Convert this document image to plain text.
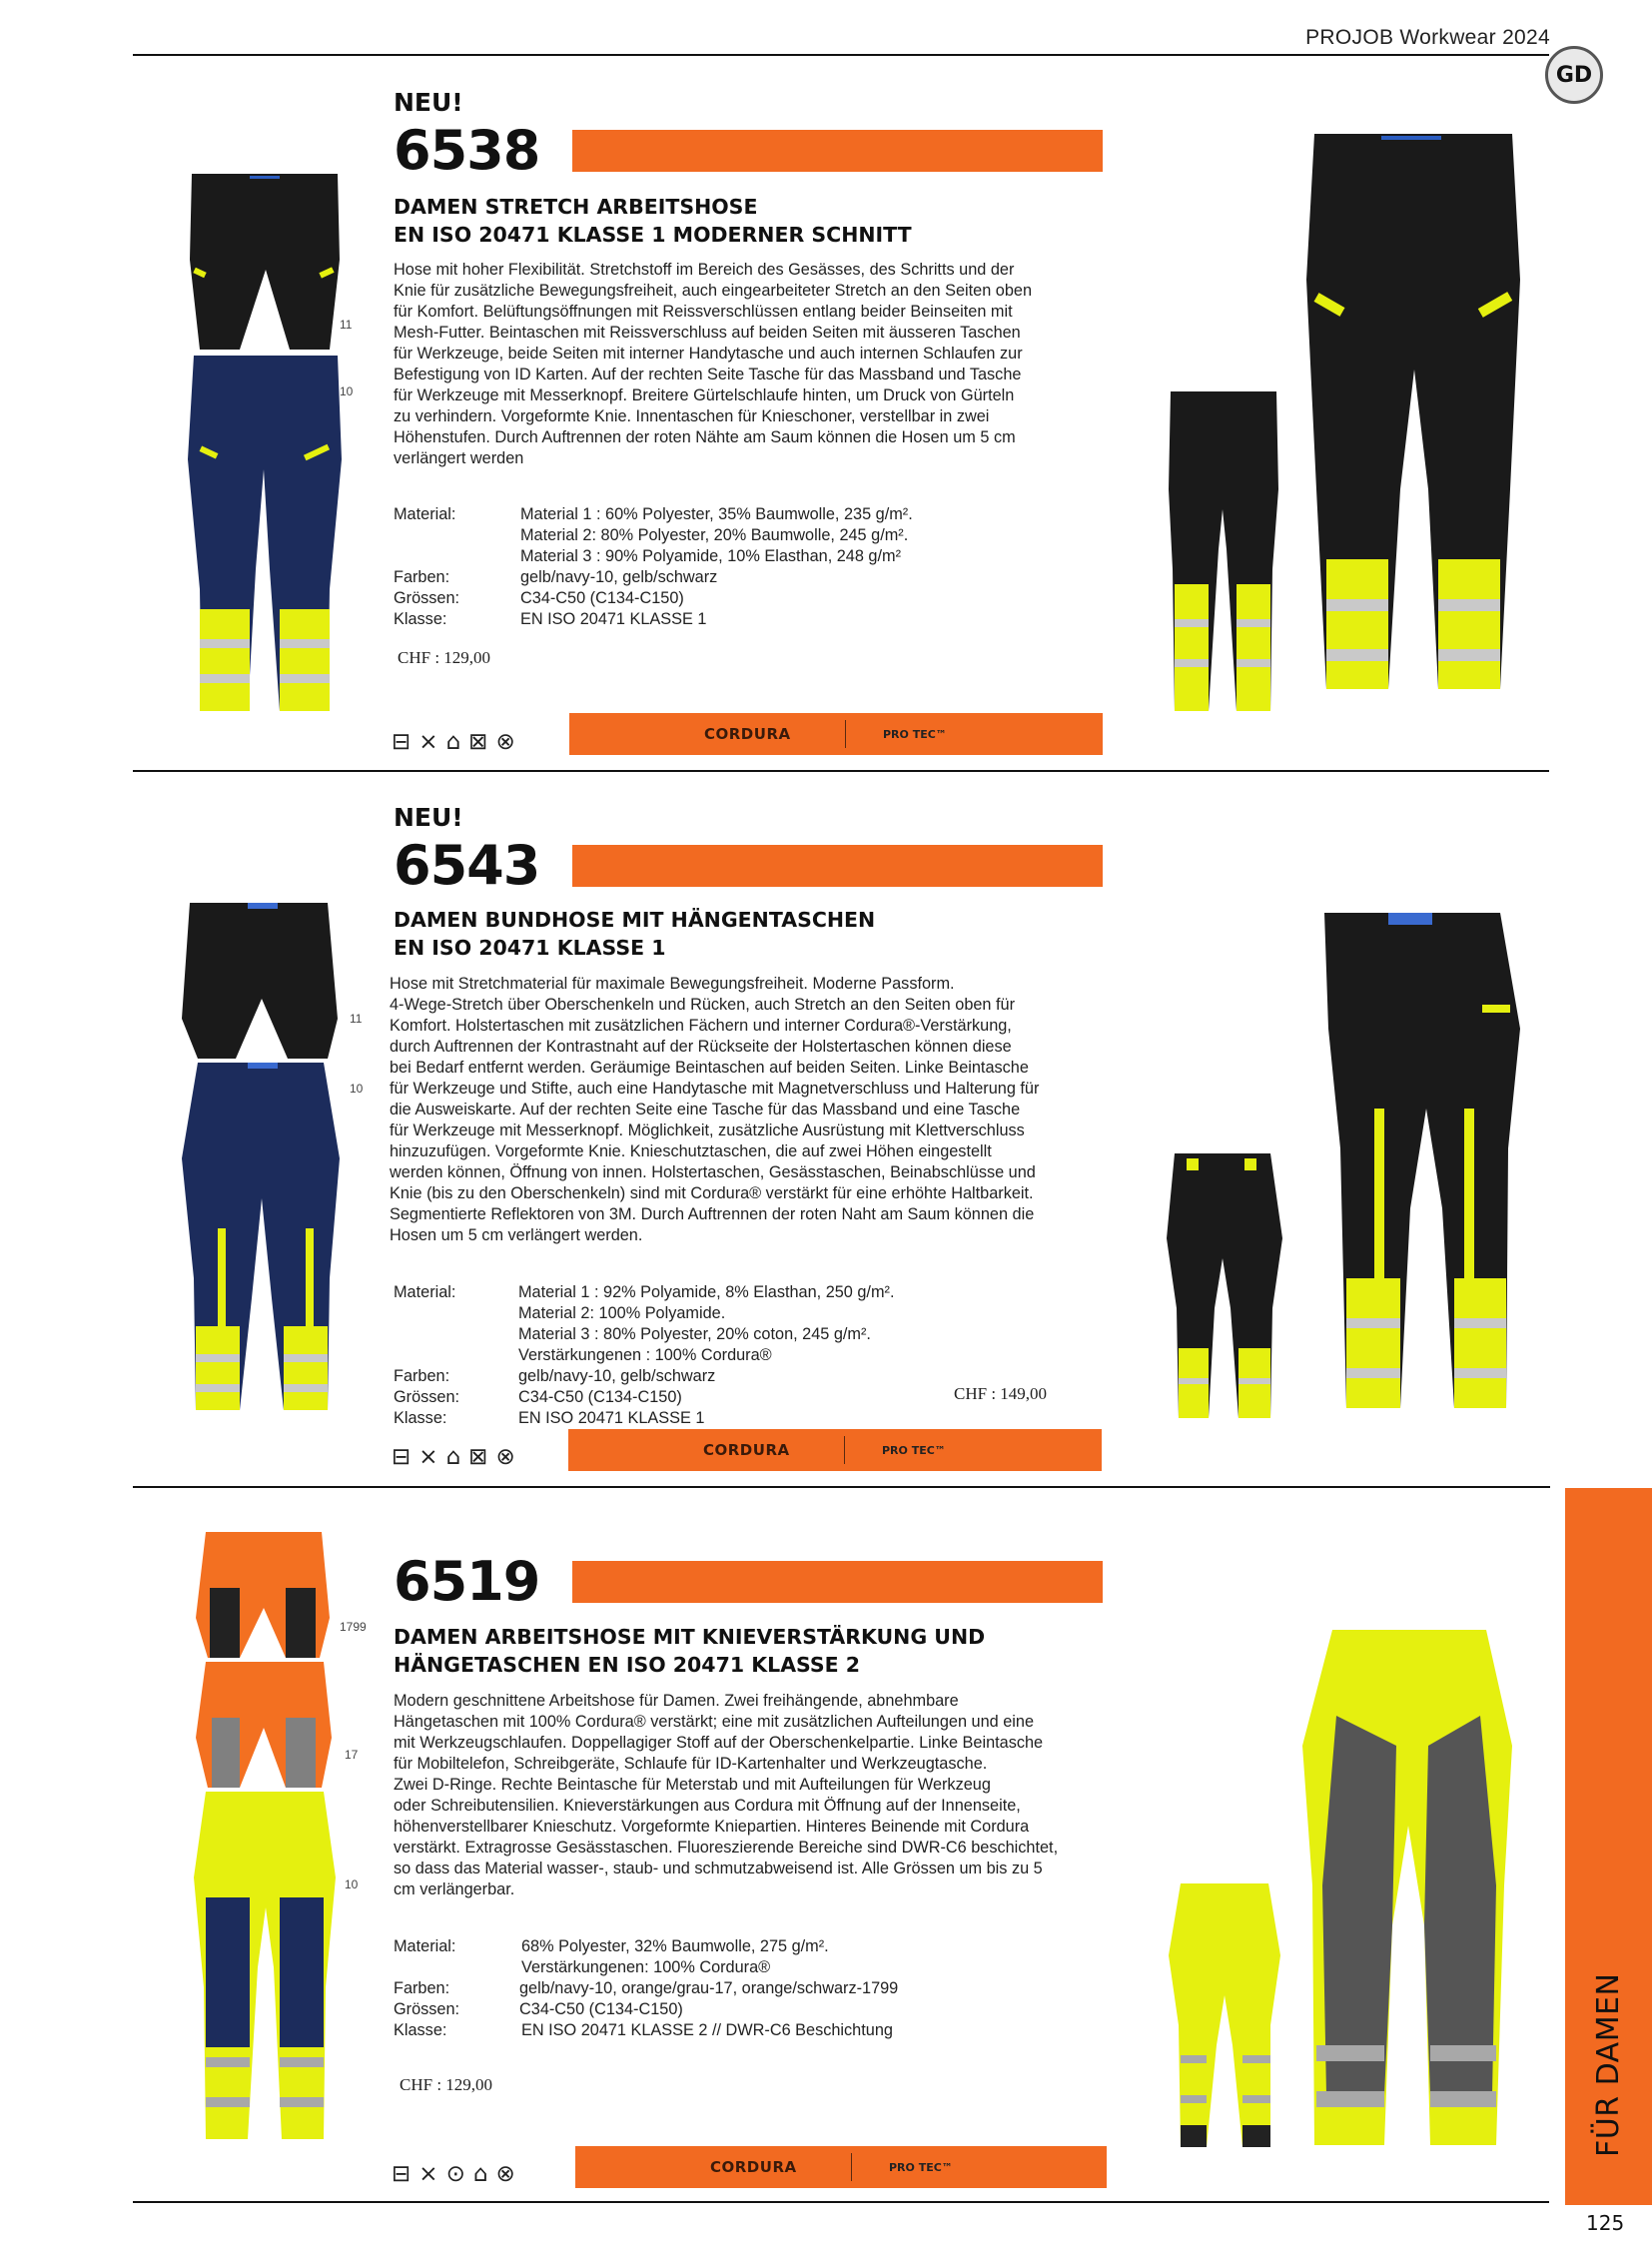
PROJOB Workwear 2024
GD
NEU!
6538
DAMEN STRETCH ARBEITSHOSE
EN ISO 20471 KLASSE 1 MODERNER SCHNITT
Hose mit hoher Flexibilität. Stretchstoff im Bereich des Gesässes, des Schritts und der
Knie für zusätzliche Bewegungsfreiheit, auch eingearbeiteter Stretch an den Seiten oben
für Komfort. Belüftungsöffnungen mit Reissverschlüssen entlang beider Beinseiten mit
Mesh-Futter. Beintaschen mit Reissverschluss auf beiden Seiten mit äusseren Taschen
für Werkzeuge, beide Seiten mit interner Handytasche und auch internen Schlaufen zur
Befestigung von ID Karten. Auf der rechten Seite Tasche für das Massband und Tasche
für Werkzeuge mit Messerknopf. Breitere Gürtelschlaufe hinten, um Druck von Gürteln
zu verhindern. Vorgeformte Knie. Innentaschen für Knieschoner, verstellbar in zwei
Höhenstufen. Durch Auftrennen der roten Nähte am Saum können die Hosen um 5 cm
verlängert werden
Material:	Material 1 : 60% Polyester, 35% Baumwolle, 235 g/m².
Material 2: 80% Polyester, 20% Baumwolle, 245 g/m².
Material 3 : 90% Polyamide, 10% Elasthan, 248 g/m²
Farben:	gelb/navy-10, gelb/schwarz
Grössen:	C34-C50 (C134-C150)
Klasse:	EN ISO 20471 KLASSE 1
CHF : 129,00
11
10
⊟ ⨯ ⌂ ⊠ ⊗	CORDURA	PRO TEC™
NEU!
6543
DAMEN BUNDHOSE MIT HÄNGENTASCHEN
EN ISO 20471 KLASSE 1
Hose mit Stretchmaterial für maximale Bewegungsfreiheit. Moderne Passform.
4-Wege-Stretch über Oberschenkeln und Rücken, auch Stretch an den Seiten oben für
Komfort. Holstertaschen mit zusätzlichen Fächern und interner Cordura®-Verstärkung,
durch Auftrennen der Kontrastnaht auf der Rückseite der Holstertaschen können diese
bei Bedarf entfernt werden. Geräumige Beintaschen auf beiden Seiten. Linke Beintasche
für Werkzeuge und Stifte, auch eine Handytasche mit Magnetverschluss und Halterung für
die Ausweiskarte. Auf der rechten Seite eine Tasche für das Massband und eine Tasche
für Werkzeuge mit Messerknopf. Möglichkeit, zusätzliche Ausrüstung mit Klettverschluss
hinzuzufügen. Vorgeformte Knie. Knieschutztaschen, die auf zwei Höhen eingestellt
werden können, Öffnung von innen. Holstertaschen, Gesässtaschen, Beinabschlüsse und
Knie (bis zu den Oberschenkeln) sind mit Cordura® verstärkt für eine erhöhte Haltbarkeit.
Segmentierte Reflektoren von 3M. Durch Auftrennen der roten Naht am Saum können die
Hosen um 5 cm verlängert werden.
Material:	Material 1 : 92% Polyamide, 8% Elasthan, 250 g/m².
Material 2: 100% Polyamide.
Material 3 : 80% Polyester, 20% coton, 245 g/m².
Verstärkungenen : 100% Cordura®
Farben:	gelb/navy-10, gelb/schwarz
Grössen:	C34-C50 (C134-C150)
Klasse:	EN ISO 20471 KLASSE 1
CHF : 149,00
11
10
⊟ ⨯ ⌂ ⊠ ⊗	CORDURA	PRO TEC™
6519
DAMEN ARBEITSHOSE MIT KNIEVERSTÄRKUNG UND
HÄNGETASCHEN EN ISO 20471 KLASSE 2
Modern geschnittene Arbeitshose für Damen. Zwei freihängende, abnehmbare
Hängetaschen mit 100% Cordura® verstärkt; eine mit zusätzlichen Aufteilungen und eine
mit Werkzeugschlaufen. Doppellagiger Stoff auf der Oberschenkelpartie. Linke Beintasche
für Mobiltelefon, Schreibgeräte, Schlaufe für ID-Kartenhalter und Werkzeugtasche.
Zwei D-Ringe. Rechte Beintasche für Meterstab und mit Aufteilungen für Werkzeug
oder Schreibutensilien. Knieverstärkungen aus Cordura mit Öffnung auf der Innenseite,
höhenverstellbarer Knieschutz. Vorgeformte Kniepartien. Hinteres Beinende mit Cordura
verstärkt. Extragrosse Gesässtaschen. Fluoreszierende Bereiche sind DWR-C6 beschichtet,
so dass das Material wasser-, staub- und schmutzabweisend ist. Alle Grössen um bis zu 5
cm verlängerbar.
Material:	68% Polyester, 32% Baumwolle, 275 g/m².
Verstärkungenen: 100% Cordura®
Farben:	gelb/navy-10, orange/grau-17, orange/schwarz-1799
Grössen:	C34-C50 (C134-C150)
Klasse:	EN ISO 20471 KLASSE 2 // DWR-C6 Beschichtung
CHF : 129,00
1799
17
10
⊟ ⨯ ⊙ ⌂ ⊗	CORDURA	PRO TEC™
FÜR DAMEN
125
